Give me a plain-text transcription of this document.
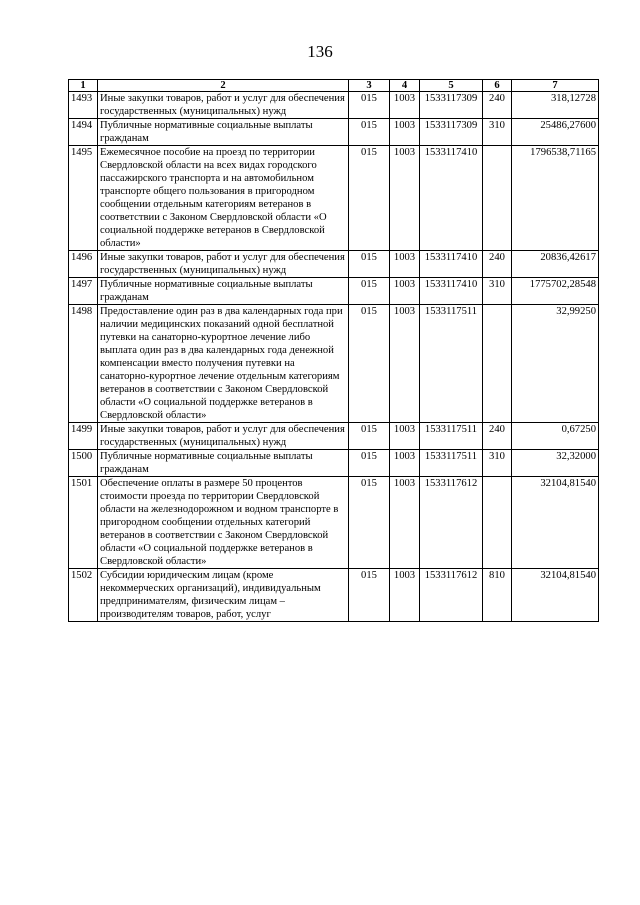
136
1	2	3	4	5	6	7
1493	Иные закупки товаров, работ и услуг для обеспечения государственных (муниципальных) нужд	015	1003	1533117309	240	318,12728
1494	Публичные нормативные социальные выплаты гражданам	015	1003	1533117309	310	25486,27600
1495	Ежемесячное пособие на проезд по территории Свердловской области на всех видах городского пассажирского транспорта и на автомобильном транспорте общего пользования в пригородном сообщении отдельным категориям ветеранов в соответствии с Законом Свердловской области «О социальной поддержке ветеранов в Свердловской области»	015	1003	1533117410		1796538,71165
1496	Иные закупки товаров, работ и услуг для обеспечения государственных (муниципальных) нужд	015	1003	1533117410	240	20836,42617
1497	Публичные нормативные социальные выплаты гражданам	015	1003	1533117410	310	1775702,28548
1498	Предоставление один раз в два календарных года при наличии медицинских показаний одной бесплатной путевки на санаторно-курортное лечение либо выплата один раз в два календарных года денежной компенсации вместо получения путевки на санаторно-курортное лечение отдельным категориям ветеранов в соответствии с Законом Свердловской области «О социальной поддержке ветеранов в Свердловской области»	015	1003	1533117511		32,99250
1499	Иные закупки товаров, работ и услуг для обеспечения государственных (муниципальных) нужд	015	1003	1533117511	240	0,67250
1500	Публичные нормативные социальные выплаты гражданам	015	1003	1533117511	310	32,32000
1501	Обеспечение оплаты в размере 50 процентов стоимости проезда по территории Свердловской области на железнодорожном и водном транспорте в пригородном сообщении отдельных категорий ветеранов в соответствии с Законом Свердловской области «О социальной поддержке ветеранов в Свердловской области»	015	1003	1533117612		32104,81540
1502	Субсидии юридическим лицам (кроме некоммерческих организаций), индивидуальным предпринимателям, физическим лицам – производителям товаров, работ, услуг	015	1003	1533117612	810	32104,81540
